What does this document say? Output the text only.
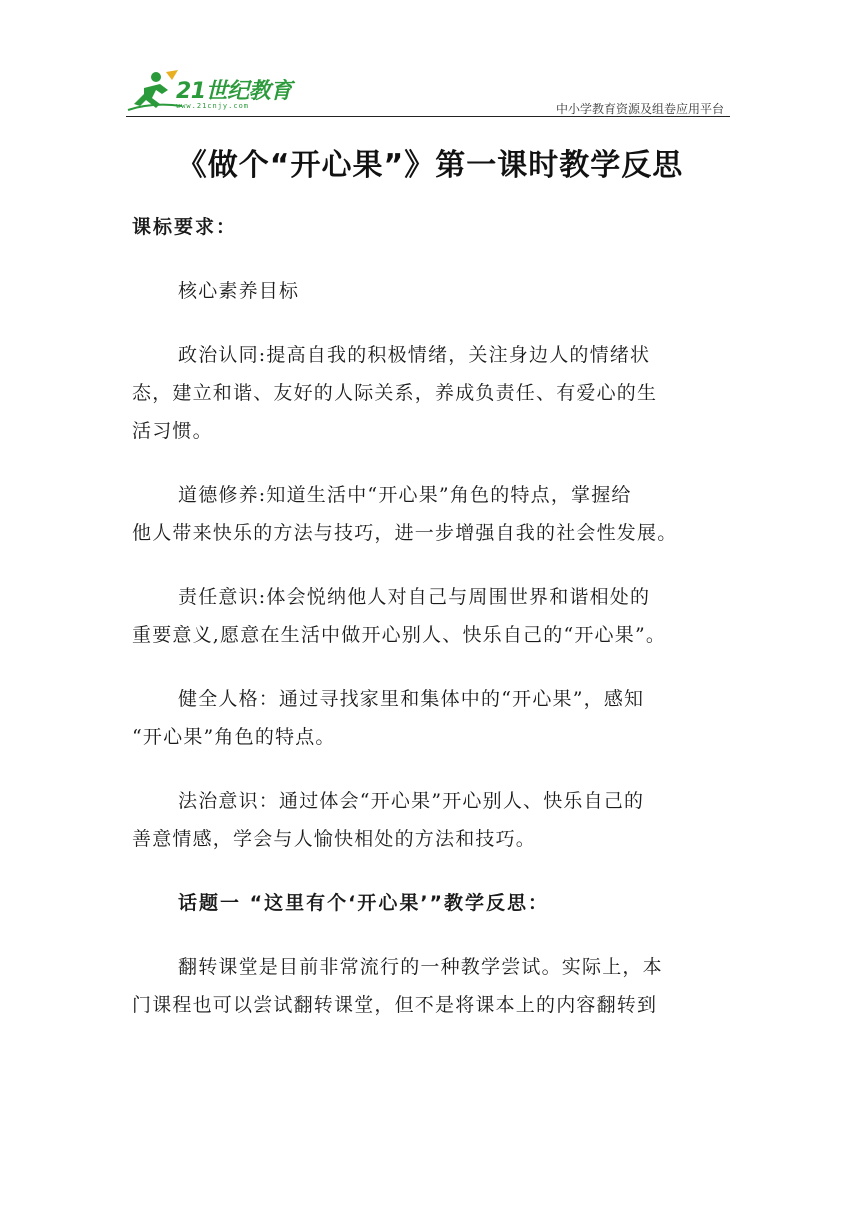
21世纪教育
www.21cnjy.com	中小学教育资源及组卷应用平台
《做个“开心果”》第一课时教学反思
课标要求：
核心素养目标
政治认同:提高自我的积极情绪，关注身边人的情绪状
态，建立和谐、友好的人际关系，养成负责任、有爱心的生
活习惯。
道德修养:知道生活中“开心果”角色的特点，掌握给
他人带来快乐的方法与技巧，进一步增强自我的社会性发展。
责任意识:体会悦纳他人对自己与周围世界和谐相处的
重要意义,愿意在生活中做开心别人、快乐自己的“开心果”。
健全人格：通过寻找家里和集体中的“开心果”，感知
“开心果”角色的特点。
法治意识：通过体会“开心果”开心别人、快乐自己的
善意情感，学会与人愉快相处的方法和技巧。
话题一 “这里有个‘开心果’”教学反思：
翻转课堂是目前非常流行的一种教学尝试。实际上，本
门课程也可以尝试翻转课堂，但不是将课本上的内容翻转到
